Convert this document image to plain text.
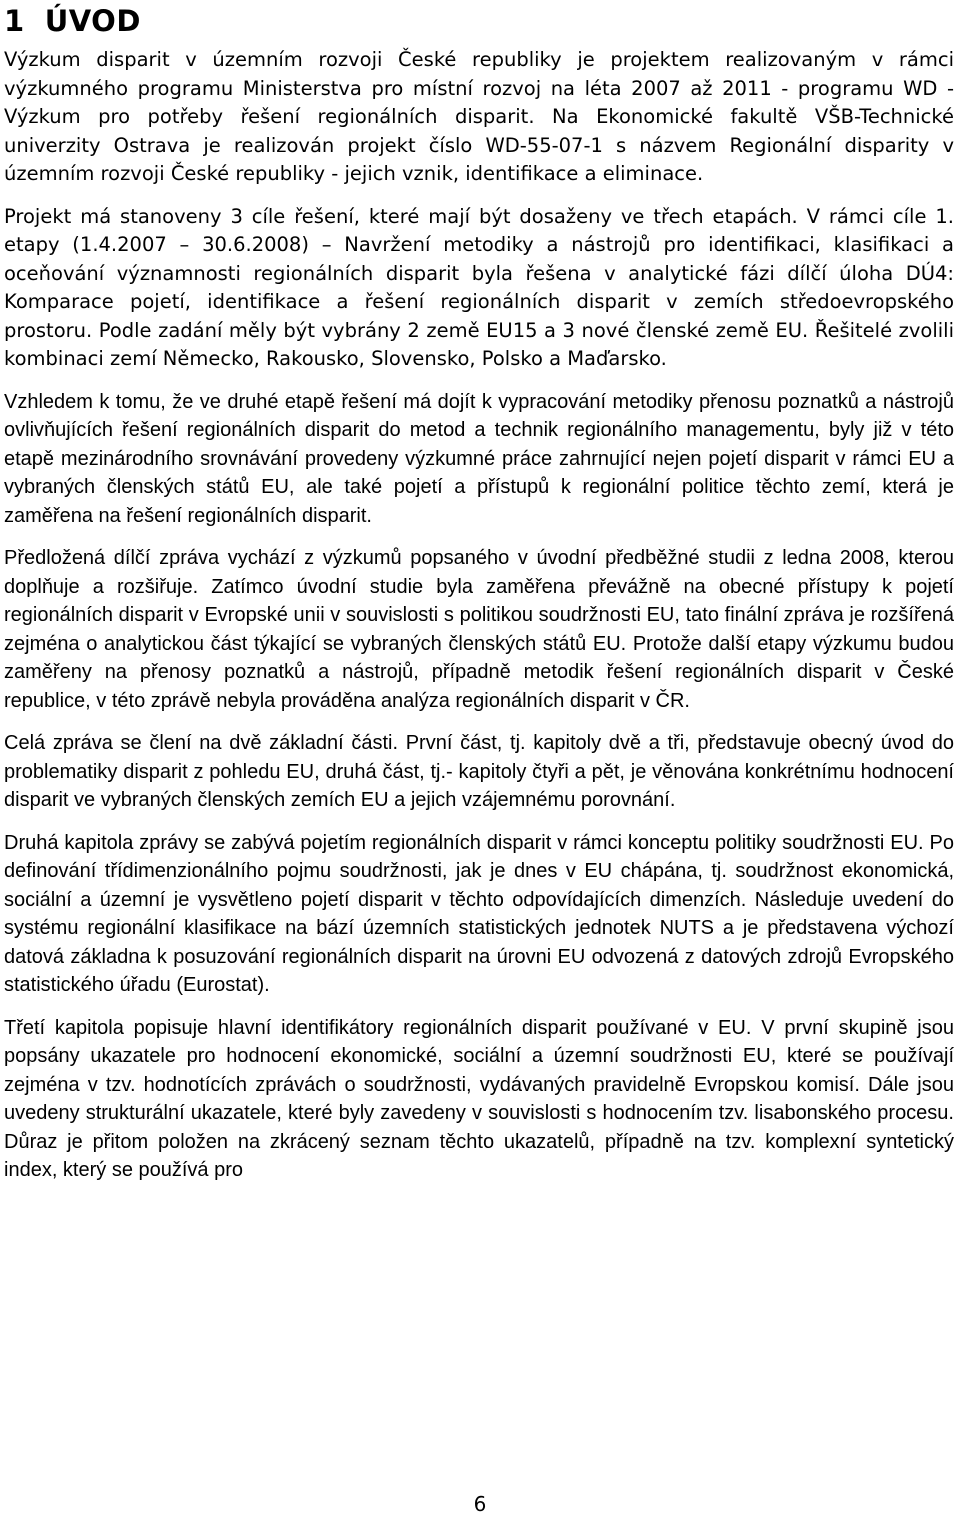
1 ÚVOD

Výzkum disparit v územním rozvoji České republiky je projektem realizovaným v rámci výzkumného programu Ministerstva pro místní rozvoj na léta 2007 až 2011 - programu WD - Výzkum pro potřeby řešení regionálních disparit. Na Ekonomické fakultě VŠB-Technické univerzity Ostrava je realizován projekt číslo WD-55-07-1 s názvem Regionální disparity v územním rozvoji České republiky - jejich vznik, identifikace a eliminace.

Projekt má stanoveny 3 cíle řešení, které mají být dosaženy ve třech etapách. V rámci cíle 1. etapy (1.4.2007 – 30.6.2008) – Navržení metodiky a nástrojů pro identifikaci, klasifikaci a oceňování významnosti regionálních disparit byla řešena v analytické fázi dílčí úloha DÚ4: Komparace pojetí, identifikace a řešení regionálních disparit v zemích středoevropského prostoru. Podle zadání měly být vybrány 2 země EU15 a 3 nové členské země EU. Řešitelé zvolili kombinaci zemí Německo, Rakousko, Slovensko, Polsko a Maďarsko.

Vzhledem k tomu, že ve druhé etapě řešení má dojít k vypracování metodiky přenosu poznatků a nástrojů ovlivňujících řešení regionálních disparit do metod a technik regionálního managementu, byly již v této etapě mezinárodního srovnávání provedeny výzkumné práce zahrnující nejen pojetí disparit v rámci EU a vybraných členských států EU, ale také pojetí a přístupů k regionální politice těchto zemí, která je zaměřena na řešení regionálních disparit.

Předložená dílčí zpráva vychází z výzkumů popsaného v úvodní předběžné studii z ledna 2008, kterou doplňuje a rozšiřuje. Zatímco úvodní studie byla zaměřena převážně na obecné přístupy k pojetí regionálních disparit v Evropské unii v souvislosti s politikou soudržnosti EU, tato finální zpráva je rozšířená zejména o analytickou část týkající se vybraných členských států EU. Protože další etapy výzkumu budou zaměřeny na přenosy poznatků a nástrojů, případně metodik řešení regionálních disparit v České republice, v této zprávě nebyla prováděna analýza regionálních disparit v ČR.

Celá zpráva se člení na dvě základní části. První část, tj. kapitoly dvě a tři, představuje obecný úvod do problematiky disparit z pohledu EU, druhá část, tj.- kapitoly čtyři a pět, je věnována konkrétnímu hodnocení disparit ve vybraných členských zemích EU a jejich vzájemnému porovnání.

Druhá kapitola zprávy se zabývá pojetím regionálních disparit v rámci konceptu politiky soudržnosti EU. Po definování třídimenzionálního pojmu soudržnosti, jak je dnes v EU chápána, tj. soudržnost ekonomická, sociální a územní je vysvětleno pojetí disparit v těchto odpovídajících dimenzích. Následuje uvedení do systému regionální klasifikace na bází územních statistických jednotek NUTS a je představena výchozí datová základna k posuzování regionálních disparit na úrovni EU odvozená z datových zdrojů Evropského statistického úřadu (Eurostat).

Třetí kapitola popisuje hlavní identifikátory regionálních disparit používané v EU. V první skupině jsou popsány ukazatele pro hodnocení ekonomické, sociální a územní soudržnosti EU, které se používají zejména v tzv. hodnotících zprávách o soudržnosti, vydávaných pravidelně Evropskou komisí. Dále jsou uvedeny strukturální ukazatele, které byly zavedeny v souvislosti s hodnocením tzv. lisabonského procesu. Důraz je přitom položen na zkrácený seznam těchto ukazatelů, případně na tzv. komplexní syntetický index, který se používá pro

6
